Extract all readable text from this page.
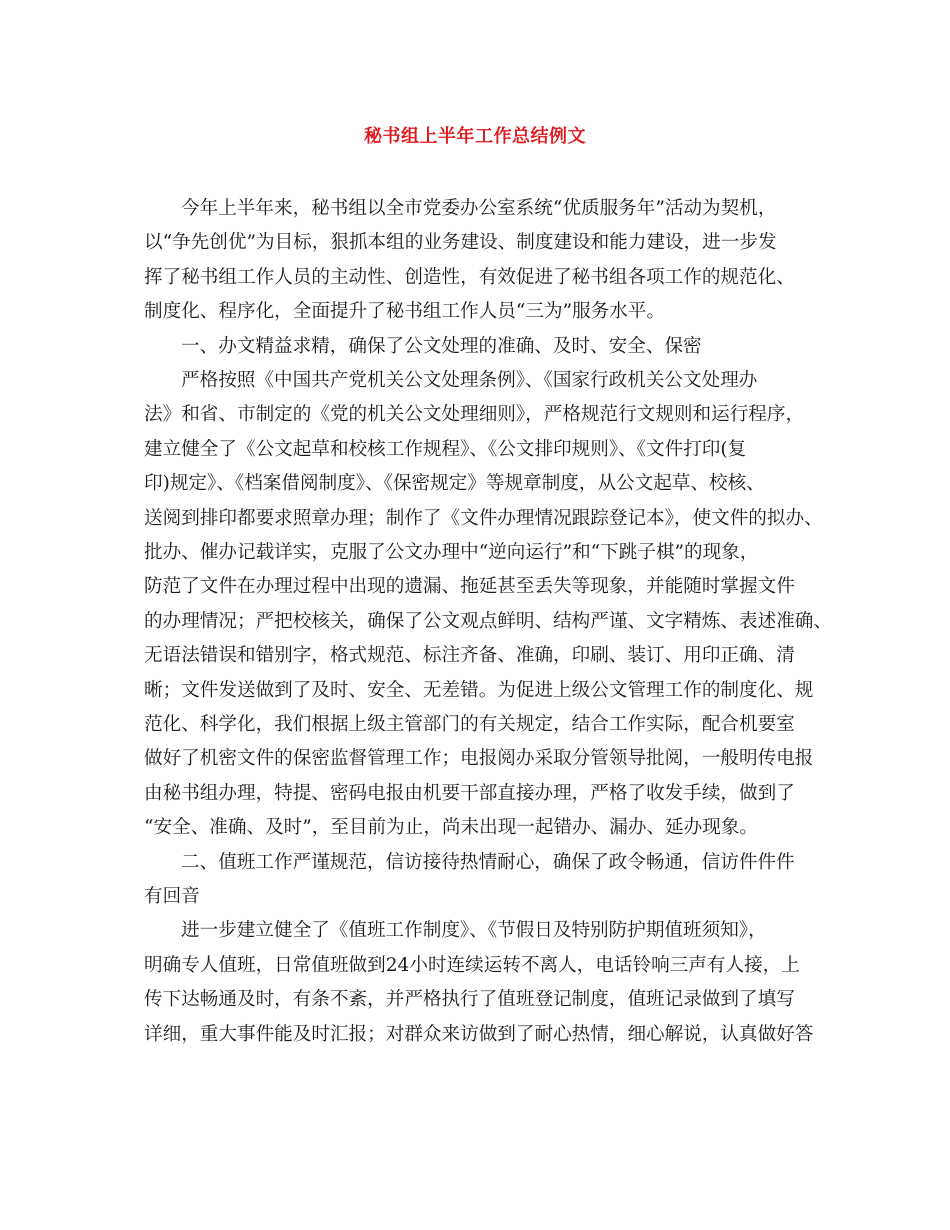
秘书组上半年工作总结例文
今年上半年来，秘书组以全市党委办公室系统“优质服务年”活动为契机，
以“争先创优”为目标，狠抓本组的业务建设、制度建设和能力建设，进一步发
挥了秘书组工作人员的主动性、创造性，有效促进了秘书组各项工作的规范化、
制度化、程序化，全面提升了秘书组工作人员“三为”服务水平。
一、办文精益求精，确保了公文处理的准确、及时、安全、保密
严格按照《中国共产党机关公文处理条例》、《国家行政机关公文处理办
法》和省、市制定的《党的机关公文处理细则》，严格规范行文规则和运行程序，
建立健全了《公文起草和校核工作规程》、《公文排印规则》、《文件打印(复
印)规定》、《档案借阅制度》、《保密规定》等规章制度，从公文起草、校核、
送阅到排印都要求照章办理；制作了《文件办理情况跟踪登记本》，使文件的拟办、
批办、催办记载详实，克服了公文办理中“逆向运行”和“下跳子棋”的现象，
防范了文件在办理过程中出现的遗漏、拖延甚至丢失等现象，并能随时掌握文件
的办理情况；严把校核关，确保了公文观点鲜明、结构严谨、文字精炼、表述准确、
无语法错误和错别字，格式规范、标注齐备、准确，印刷、装订、用印正确、清
晰；文件发送做到了及时、安全、无差错。为促进上级公文管理工作的制度化、规
范化、科学化，我们根据上级主管部门的有关规定，结合工作实际，配合机要室
做好了机密文件的保密监督管理工作；电报阅办采取分管领导批阅，一般明传电报
由秘书组办理，特提、密码电报由机要干部直接办理，严格了收发手续，做到了
“安全、准确、及时”，至目前为止，尚未出现一起错办、漏办、延办现象。
二、值班工作严谨规范，信访接待热情耐心，确保了政令畅通，信访件件件
有回音
进一步建立健全了《值班工作制度》、《节假日及特别防护期值班须知》，
明确专人值班，日常值班做到24小时连续运转不离人，电话铃响三声有人接，上
传下达畅通及时，有条不紊，并严格执行了值班登记制度，值班记录做到了填写
详细，重大事件能及时汇报；对群众来访做到了耐心热情，细心解说，认真做好答
